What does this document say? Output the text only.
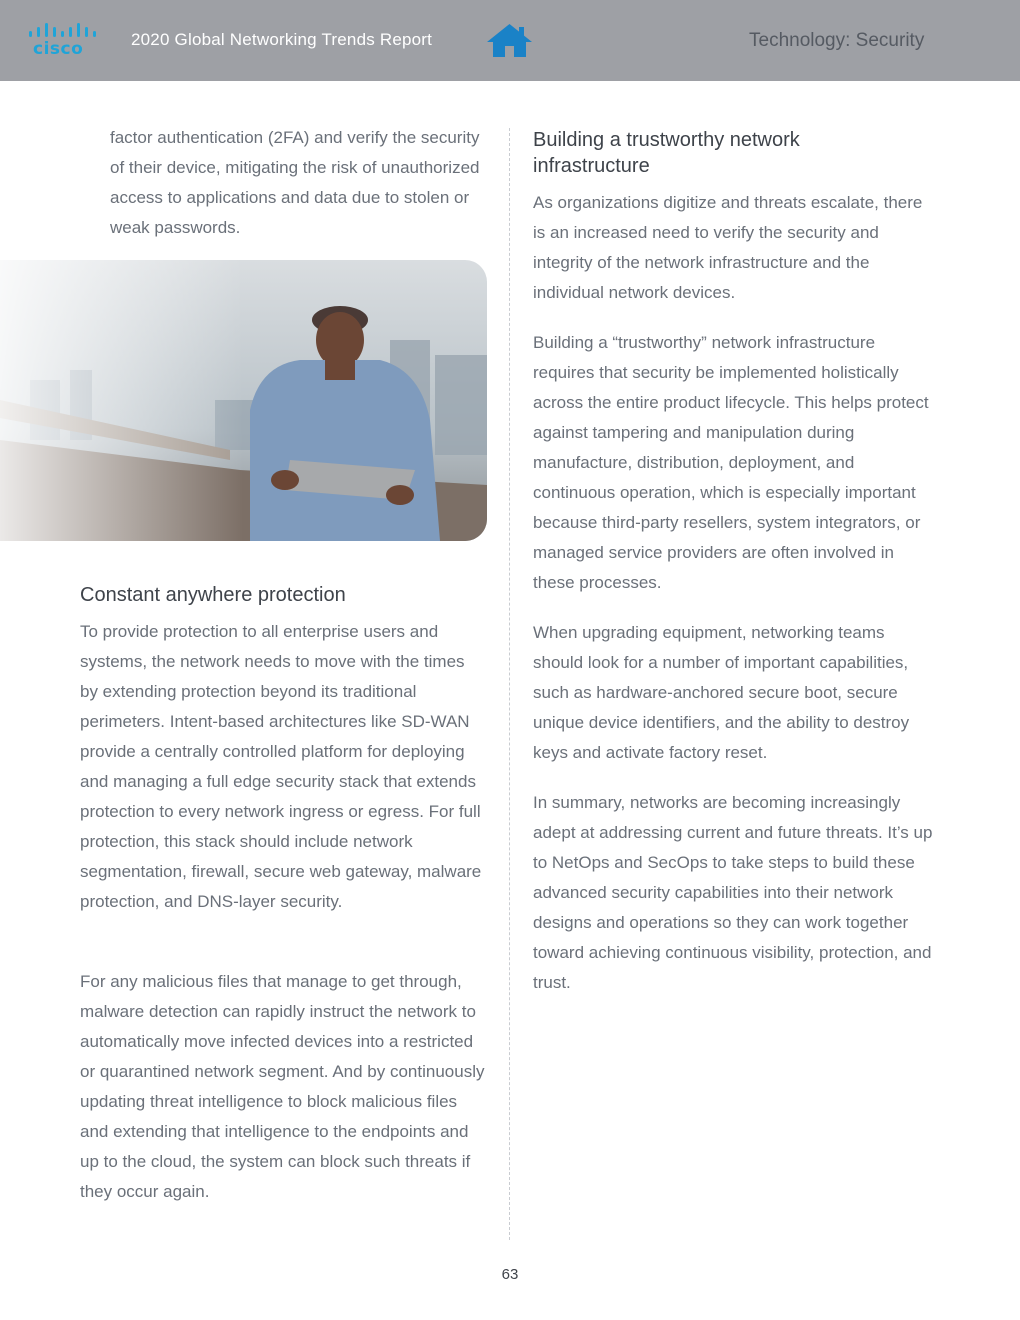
cisco	2020 Global Networking Trends Report	Technology: Security

factor authentication (2FA) and verify the security of their device, mitigating the risk of unauthorized access to applications and data due to stolen or weak passwords.

Constant anywhere protection

To provide protection to all enterprise users and systems, the network needs to move with the times by extending protection beyond its traditional perimeters. Intent-based architectures like SD-WAN provide a centrally controlled platform for deploying and managing a full edge security stack that extends protection to every network ingress or egress. For full protection, this stack should include network segmentation, firewall, secure web gateway, malware protection, and DNS-layer security.

For any malicious files that manage to get through, malware detection can rapidly instruct the network to automatically move infected devices into a restricted or quarantined network segment. And by continuously updating threat intelligence to block malicious files and extending that intelligence to the endpoints and up to the cloud, the system can block such threats if they occur again.

Building a trustworthy network infrastructure

As organizations digitize and threats escalate, there is an increased need to verify the security and integrity of the network infrastructure and the individual network devices.

Building a “trustworthy” network infrastructure requires that security be implemented holistically across the entire product lifecycle. This helps protect against tampering and manipulation during manufacture, distribution, deployment, and continuous operation, which is especially important because third-party resellers, system integrators, or managed service providers are often involved in these processes.

When upgrading equipment, networking teams should look for a number of important capabilities, such as hardware-anchored secure boot, secure unique device identifiers, and the ability to destroy keys and activate factory reset.

In summary, networks are becoming increasingly adept at addressing current and future threats. It’s up to NetOps and SecOps to take steps to build these advanced security capabilities into their network designs and operations so they can work together toward achieving continuous visibility, protection, and trust.

63
